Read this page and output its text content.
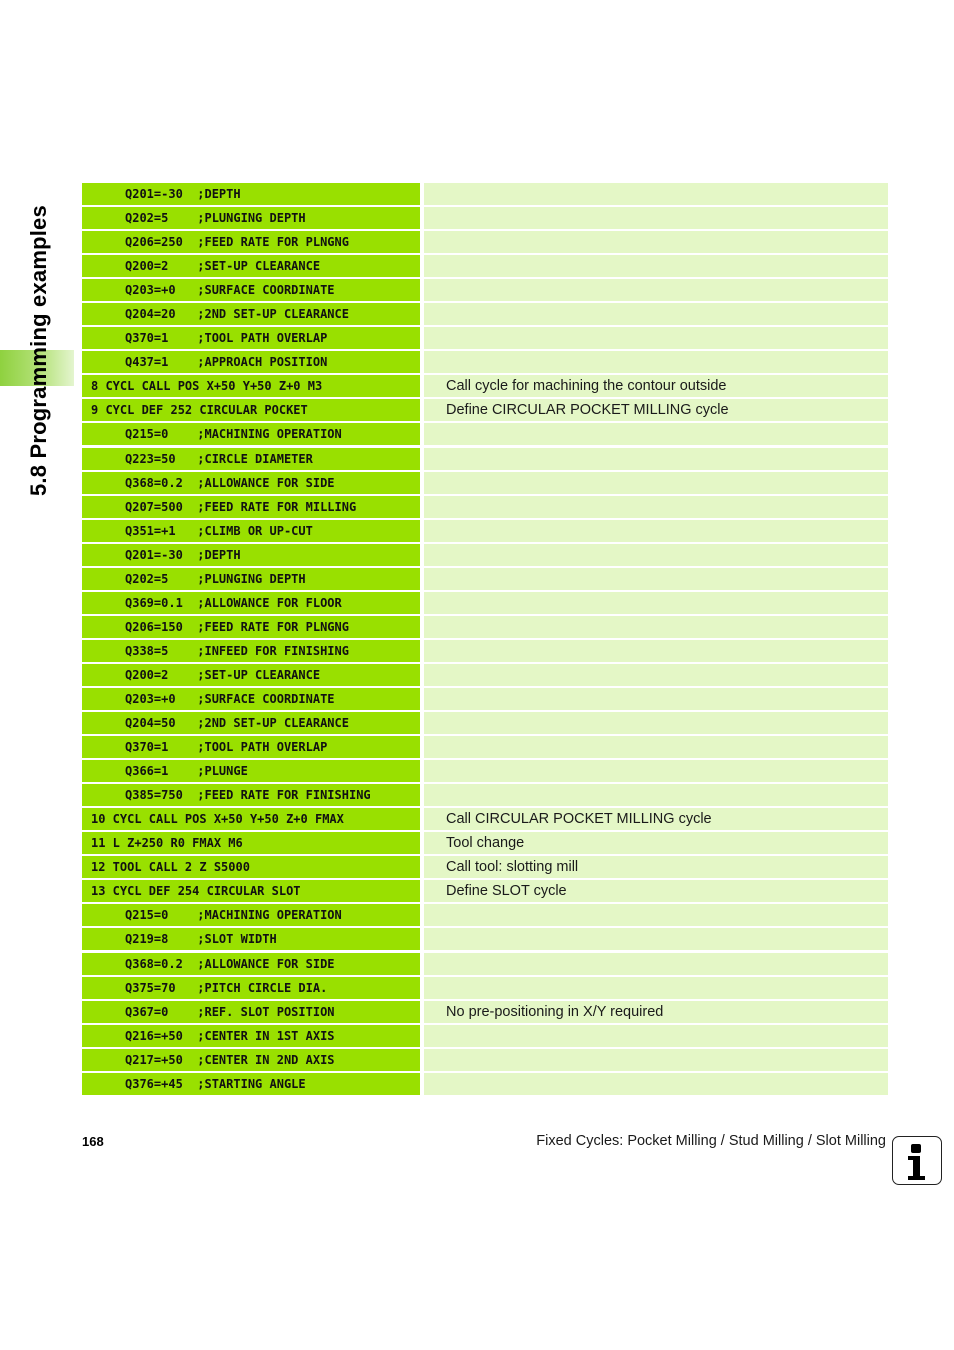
5.8 Programming examples
Q201=-30  ;DEPTH
Q202=5    ;PLUNGING DEPTH
Q206=250  ;FEED RATE FOR PLNGNG
Q200=2    ;SET-UP CLEARANCE
Q203=+0   ;SURFACE COORDINATE
Q204=20   ;2ND SET-UP CLEARANCE
Q370=1    ;TOOL PATH OVERLAP
Q437=1    ;APPROACH POSITION
8 CYCL CALL POS X+50 Y+50 Z+0 M3	Call cycle for machining the contour outside
9 CYCL DEF 252 CIRCULAR POCKET	Define CIRCULAR POCKET MILLING cycle
Q215=0    ;MACHINING OPERATION
Q223=50   ;CIRCLE DIAMETER
Q368=0.2  ;ALLOWANCE FOR SIDE
Q207=500  ;FEED RATE FOR MILLING
Q351=+1   ;CLIMB OR UP-CUT
Q201=-30  ;DEPTH
Q202=5    ;PLUNGING DEPTH
Q369=0.1  ;ALLOWANCE FOR FLOOR
Q206=150  ;FEED RATE FOR PLNGNG
Q338=5    ;INFEED FOR FINISHING
Q200=2    ;SET-UP CLEARANCE
Q203=+0   ;SURFACE COORDINATE
Q204=50   ;2ND SET-UP CLEARANCE
Q370=1    ;TOOL PATH OVERLAP
Q366=1    ;PLUNGE
Q385=750  ;FEED RATE FOR FINISHING
10 CYCL CALL POS X+50 Y+50 Z+0 FMAX	Call CIRCULAR POCKET MILLING cycle
11 L Z+250 R0 FMAX M6	Tool change
12 TOOL CALL 2 Z S5000	Call tool: slotting mill
13 CYCL DEF 254 CIRCULAR SLOT	Define SLOT cycle
Q215=0    ;MACHINING OPERATION
Q219=8    ;SLOT WIDTH
Q368=0.2  ;ALLOWANCE FOR SIDE
Q375=70   ;PITCH CIRCLE DIA.
Q367=0    ;REF. SLOT POSITION	No pre-positioning in X/Y required
Q216=+50  ;CENTER IN 1ST AXIS
Q217=+50  ;CENTER IN 2ND AXIS
Q376=+45  ;STARTING ANGLE
168	Fixed Cycles: Pocket Milling / Stud Milling / Slot Milling
